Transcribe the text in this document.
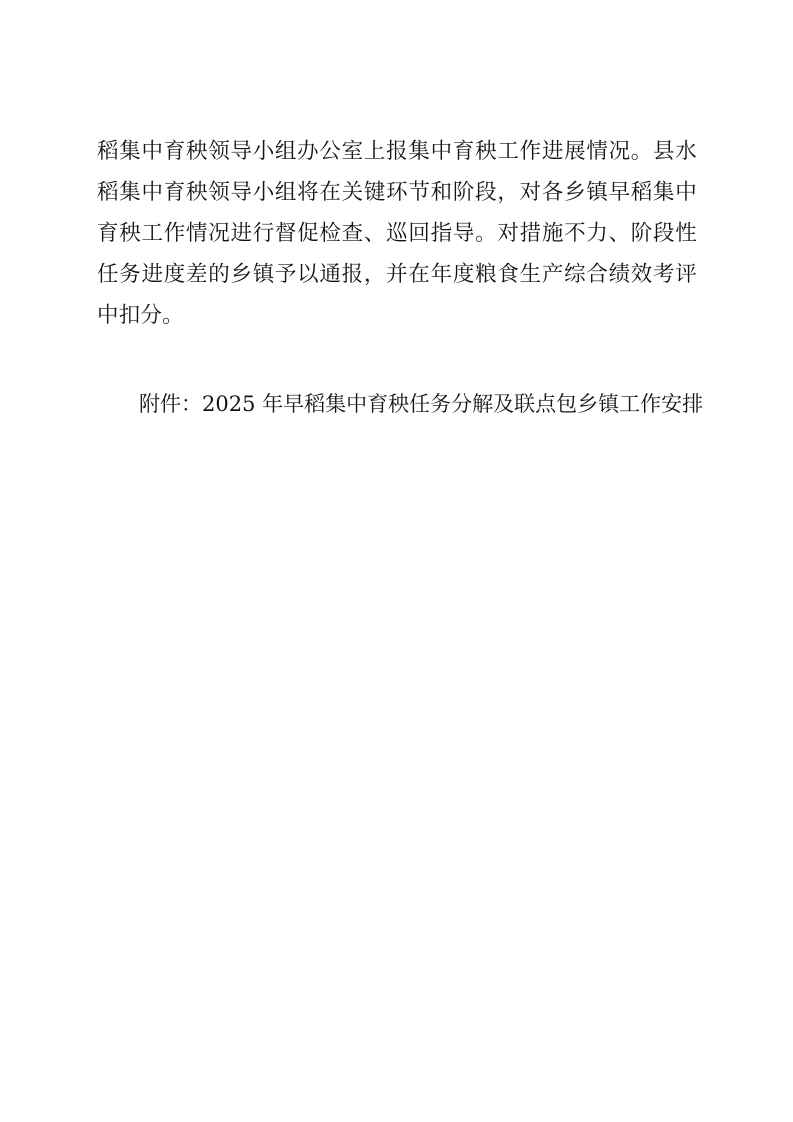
稻集中育秧领导小组办公室上报集中育秧工作进展情况。县水稻集中育秧领导小组将在关键环节和阶段，对各乡镇早稻集中育秧工作情况进行督促检查、巡回指导。对措施不力、阶段性任务进度差的乡镇予以通报，并在年度粮食生产综合绩效考评中扣分。

附件：2025 年早稻集中育秧任务分解及联点包乡镇工作安排
